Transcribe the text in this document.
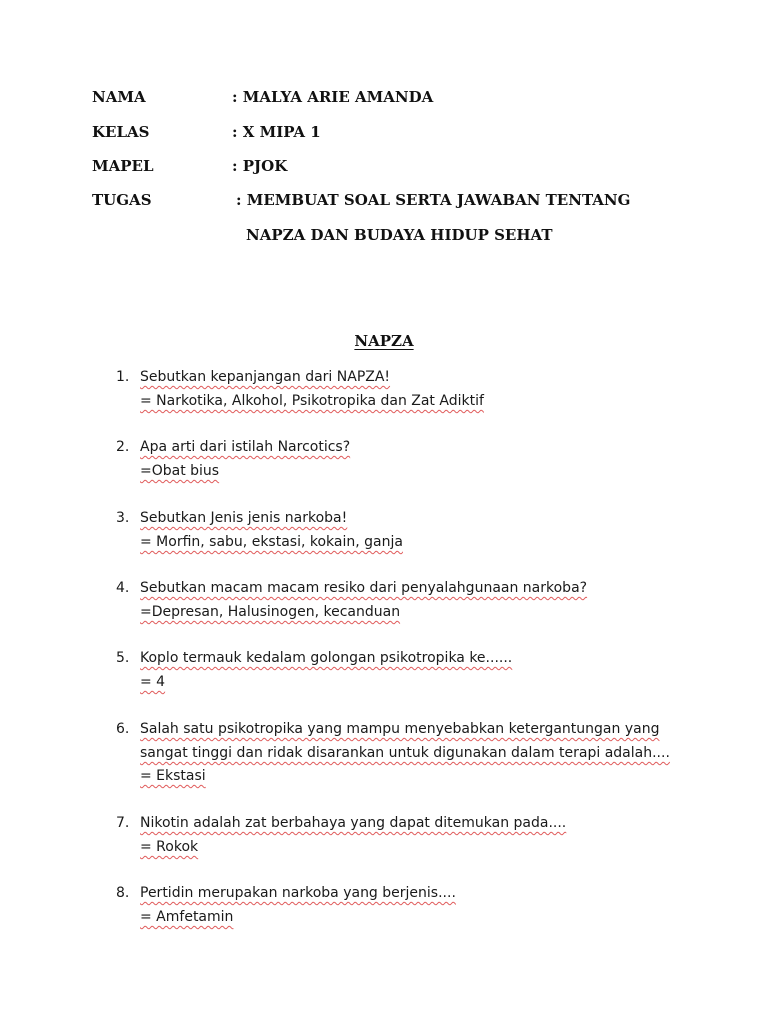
NAMA	: MALYA ARIE AMANDA
KELAS	: X MIPA 1
MAPEL	: PJOK
TUGAS	: MEMBUAT SOAL SERTA JAWABAN TENTANG
NAPZA DAN BUDAYA HIDUP SEHAT
NAPZA
1. Sebutkan kepanjangan dari NAPZA!
= Narkotika, Alkohol, Psikotropika dan Zat Adiktif
2. Apa arti dari istilah Narcotics?
=Obat bius
3. Sebutkan Jenis jenis narkoba!
= Morfin, sabu, ekstasi, kokain, ganja
4. Sebutkan macam macam resiko dari penyalahgunaan narkoba?
=Depresan, Halusinogen, kecanduan
5. Koplo termauk kedalam golongan psikotropika ke......
= 4
6. Salah satu psikotropika yang mampu menyebabkan ketergantungan yang
sangat tinggi dan ridak disarankan untuk digunakan dalam terapi adalah....
= Ekstasi
7. Nikotin adalah zat berbahaya yang dapat ditemukan pada....
= Rokok
8. Pertidin merupakan narkoba yang berjenis....
= Amfetamin
